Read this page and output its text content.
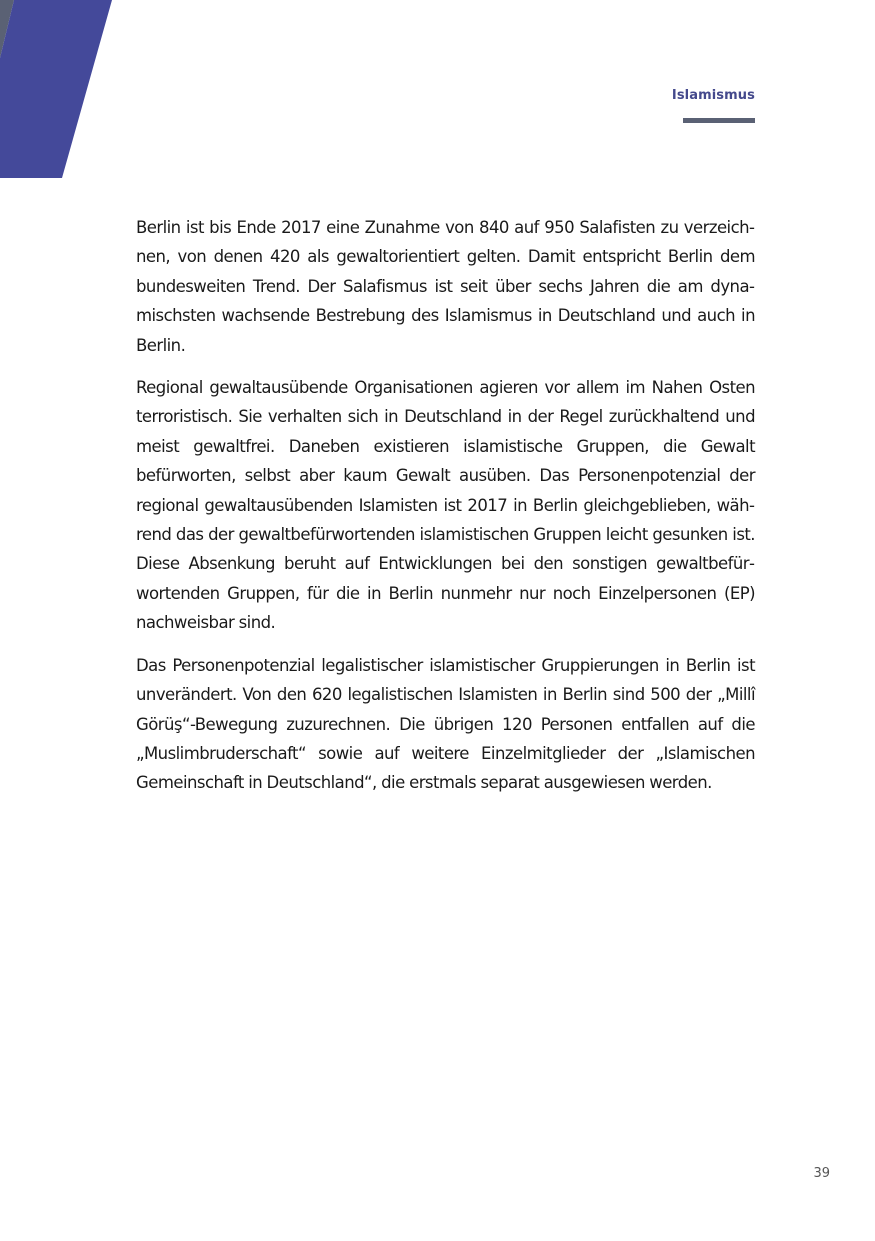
Islamismus

Berlin ist bis Ende 2017 eine Zunahme von 840 auf 950 Salafisten zu verzeichnen, von denen 420 als gewaltorientiert gelten. Damit entspricht Berlin dem bundesweiten Trend. Der Salafismus ist seit über sechs Jahren die am dynamischsten wachsende Bestrebung des Islamismus in Deutschland und auch in Berlin.

Regional gewaltausübende Organisationen agieren vor allem im Nahen Osten terroristisch. Sie verhalten sich in Deutschland in der Regel zurückhaltend und meist gewaltfrei. Daneben existieren islamistische Gruppen, die Gewalt befürworten, selbst aber kaum Gewalt ausüben. Das Personenpotenzial der regional gewaltausübenden Islamisten ist 2017 in Berlin gleichgeblieben, während das der gewaltbefürwortenden islamistischen Gruppen leicht gesunken ist. Diese Absenkung beruht auf Entwicklungen bei den sonstigen gewaltbefürwortenden Gruppen, für die in Berlin nunmehr nur noch Einzelpersonen (EP) nachweisbar sind.

Das Personenpotenzial legalistischer islamistischer Gruppierungen in Berlin ist unverändert. Von den 620 legalistischen Islamisten in Berlin sind 500 der „Millî Görüş“-Bewegung zuzurechnen. Die übrigen 120 Personen entfallen auf die „Muslimbruderschaft“ sowie auf weitere Einzelmitglieder der „Islamischen Gemeinschaft in Deutschland“, die erstmals separat ausgewiesen werden.

39
